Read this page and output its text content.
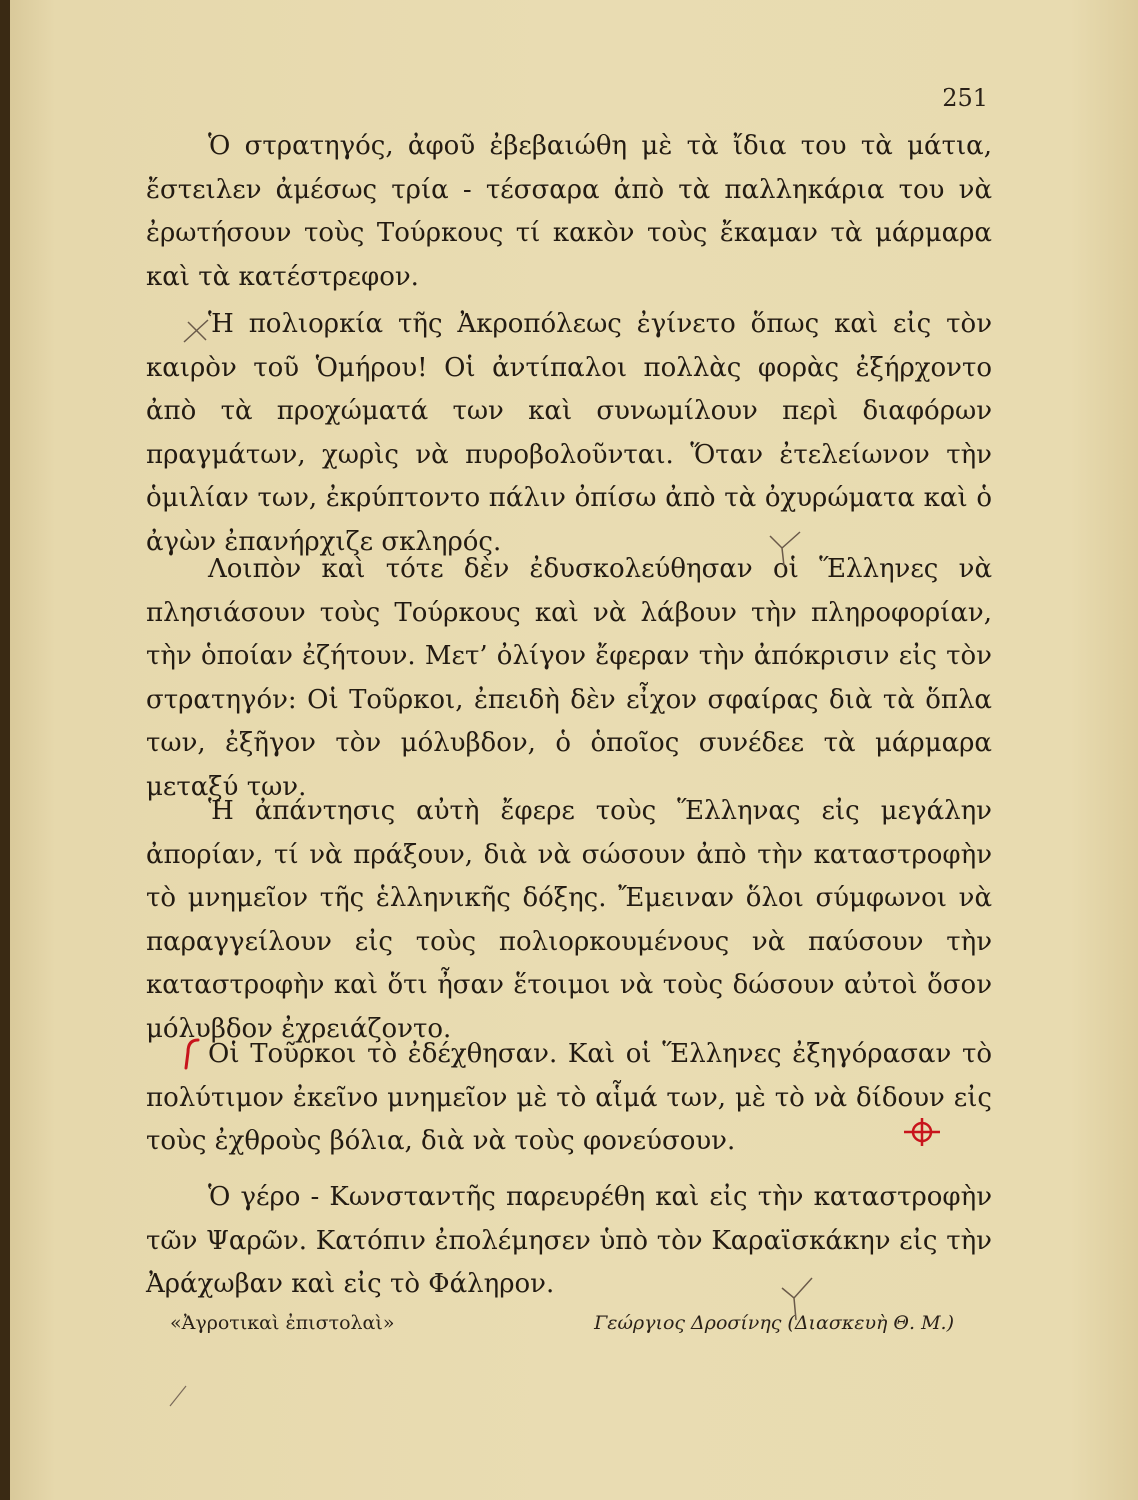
251

Ὁ στρατηγός, ἀφοῦ ἐβεβαιώθη μὲ τὰ ἴδια του τὰ μάτια, ἔστειλεν ἀμέσως τρία - τέσσαρα ἀπὸ τὰ παλληκάρια του νὰ ἐρωτήσουν τοὺς Τούρκους τί κακὸν τοὺς ἔκαμαν τὰ μάρμαρα καὶ τὰ κατέστρεφον.

Ἡ πολιορκία τῆς Ἀκροπόλεως ἐγίνετο ὅπως καὶ εἰς τὸν καιρὸν τοῦ Ὁμήρου! Οἱ ἀντίπαλοι πολλὰς φορὰς ἐξήρχοντο ἀπὸ τὰ προχώματά των καὶ συνωμίλουν περὶ διαφόρων πραγμάτων, χωρὶς νὰ πυροβολοῦνται. Ὅταν ἐτελείωνον τὴν ὁμιλίαν των, ἐκρύπτοντο πάλιν ὀπίσω ἀπὸ τὰ ὀχυρώματα καὶ ὁ ἀγὼν ἐπανήρχιζε σκληρός.

Λοιπὸν καὶ τότε δὲν ἐδυσκολεύθησαν οἱ Ἕλληνες νὰ πλησιάσουν τοὺς Τούρκους καὶ νὰ λάβουν τὴν πληροφορίαν, τὴν ὁποίαν ἐζήτουν. Μετ’ ὀλίγον ἔφεραν τὴν ἀπόκρισιν εἰς τὸν στρατηγόν: Οἱ Τοῦρκοι, ἐπειδὴ δὲν εἶχον σφαίρας διὰ τὰ ὅπλα των, ἐξῆγον τὸν μόλυβδον, ὁ ὁποῖος συνέδεε τὰ μάρμαρα μεταξύ των.

Ἡ ἀπάντησις αὐτὴ ἔφερε τοὺς Ἕλληνας εἰς μεγάλην ἀπορίαν, τί νὰ πράξουν, διὰ νὰ σώσουν ἀπὸ τὴν καταστροφὴν τὸ μνημεῖον τῆς ἑλληνικῆς δόξης. Ἔμειναν ὅλοι σύμφωνοι νὰ παραγγείλουν εἰς τοὺς πολιορκουμένους νὰ παύσουν τὴν καταστροφὴν καὶ ὅτι ἦσαν ἕτοιμοι νὰ τοὺς δώσουν αὐτοὶ ὅσον μόλυβδον ἐχρειάζοντο.

Οἱ Τοῦρκοι τὸ ἐδέχθησαν. Καὶ οἱ Ἕλληνες ἐξηγόρασαν τὸ πολύτιμον ἐκεῖνο μνημεῖον μὲ τὸ αἷμά των, μὲ τὸ νὰ δίδουν εἰς τοὺς ἐχθροὺς βόλια, διὰ νὰ τοὺς φονεύσουν.

Ὁ γέρο - Κωνσταντῆς παρευρέθη καὶ εἰς τὴν καταστροφὴν τῶν Ψαρῶν. Κατόπιν ἐπολέμησεν ὑπὸ τὸν Καραϊσκάκην εἰς τὴν Ἀράχωβαν καὶ εἰς τὸ Φάληρον.

«Ἀγροτικαὶ ἐπιστολαὶ»	Γεώργιος Δροσίνης (Διασκευὴ Θ. Μ.)
